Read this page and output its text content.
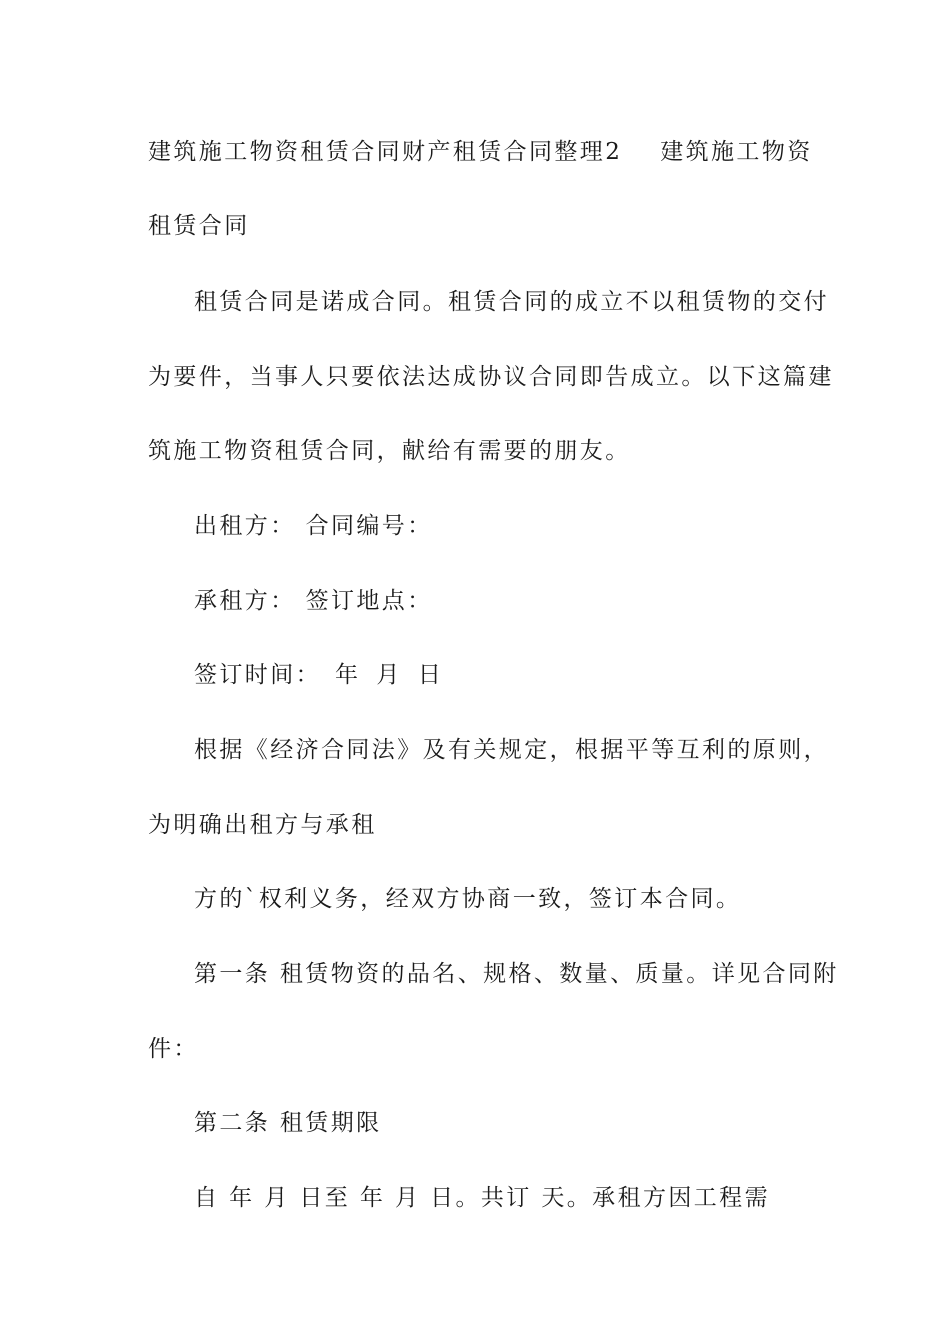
建筑施工物资租赁合同财产租赁合同整理2 建筑施工物资
租赁合同
租赁合同是诺成合同。租赁合同的成立不以租赁物的交付
为要件，当事人只要依法达成协议合同即告成立。以下这篇建
筑施工物资租赁合同，献给有需要的朋友。
出租方： 合同编号：
承租方： 签订地点：
签订时间： 年 月 日
根据《经济合同法》及有关规定，根据平等互利的原则，
为明确出租方与承租
方的`权利义务，经双方协商一致，签订本合同。
第一条 租赁物资的品名、规格、数量、质量。详见合同附
件：
第二条 租赁期限
自 年 月 日至 年 月 日。共订 天。承租方因工程需
